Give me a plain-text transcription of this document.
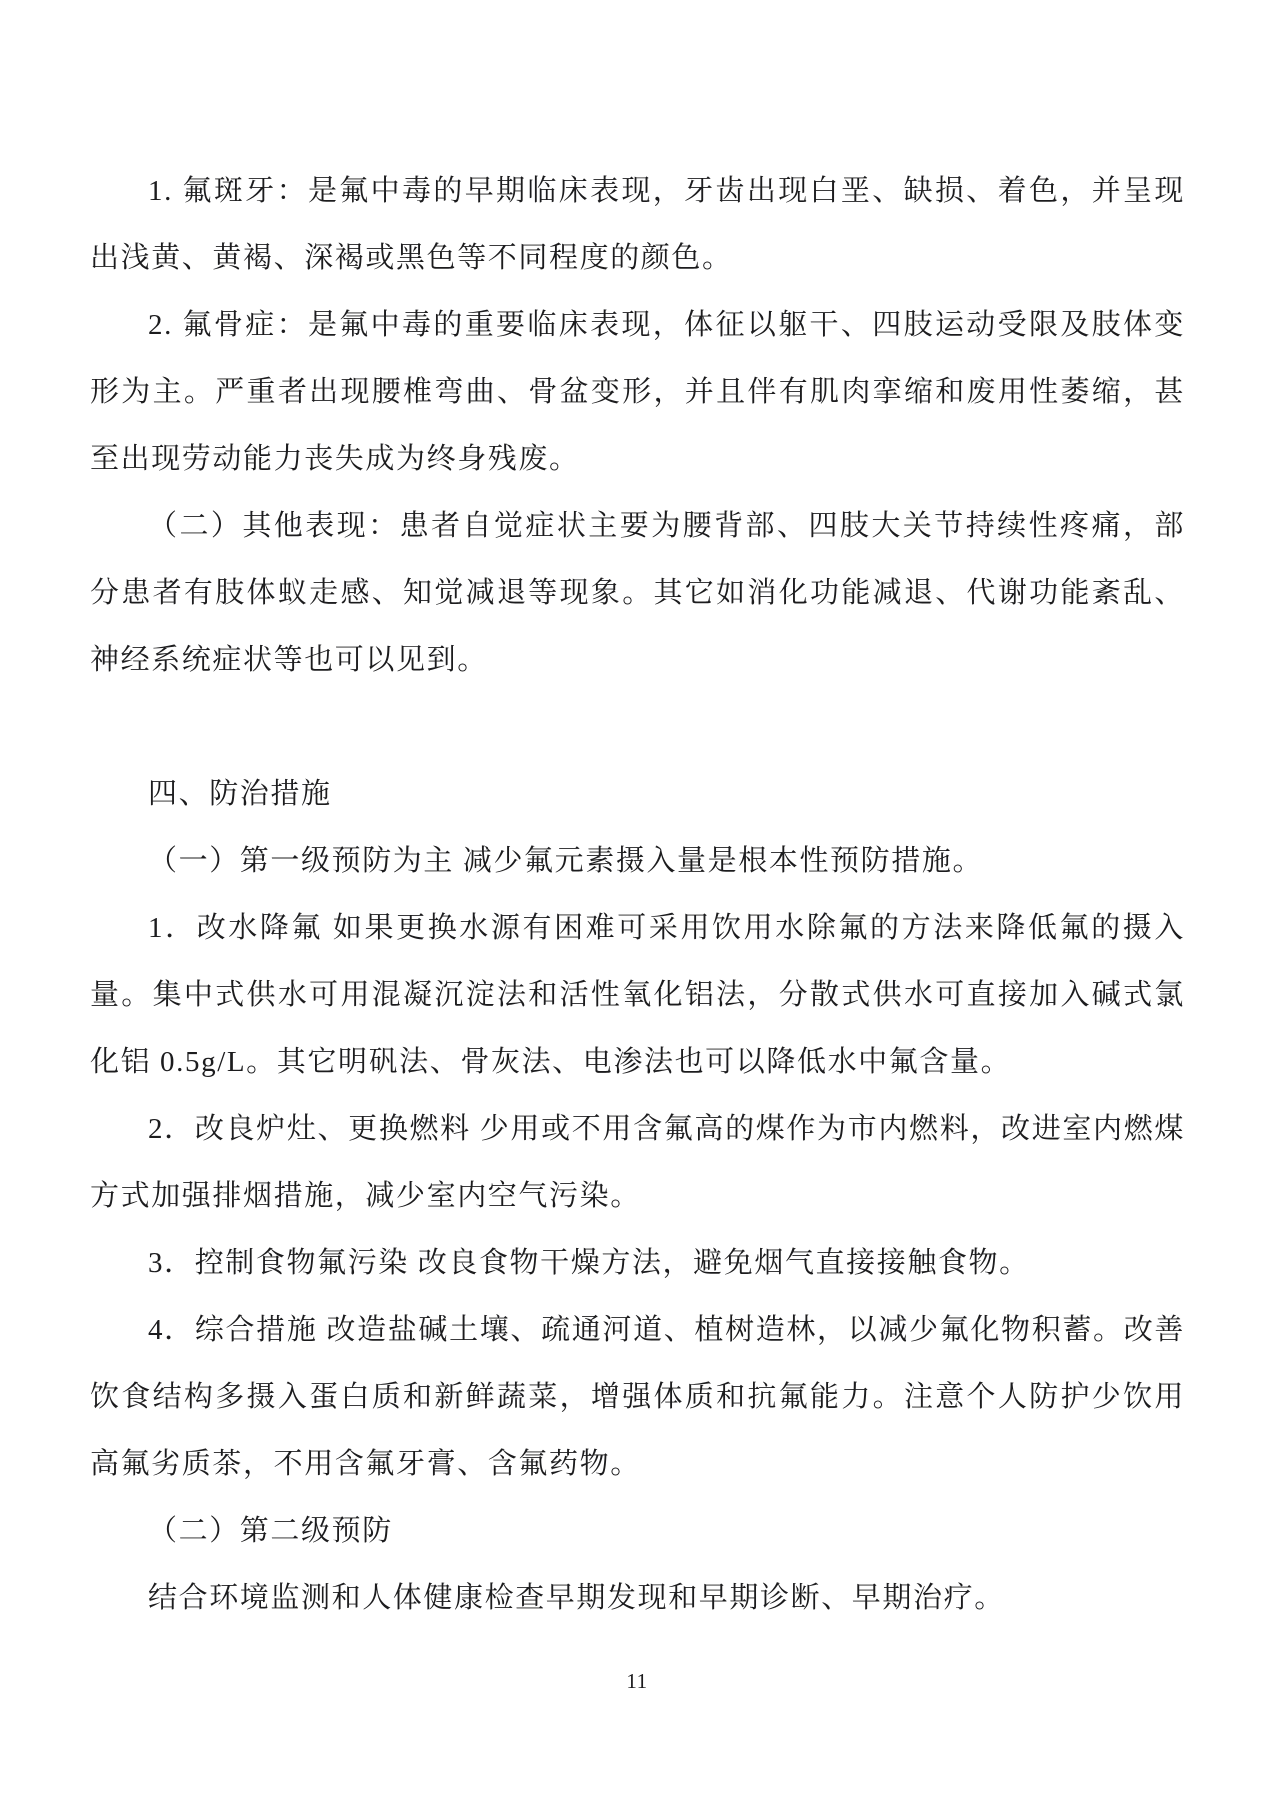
1. 氟斑牙：是氟中毒的早期临床表现，牙齿出现白垩、缺损、着色，并呈现出浅黄、黄褐、深褐或黑色等不同程度的颜色。

2. 氟骨症：是氟中毒的重要临床表现，体征以躯干、四肢运动受限及肢体变形为主。严重者出现腰椎弯曲、骨盆变形，并且伴有肌肉挛缩和废用性萎缩，甚至出现劳动能力丧失成为终身残废。

（二）其他表现：患者自觉症状主要为腰背部、四肢大关节持续性疼痛，部分患者有肢体蚁走感、知觉减退等现象。其它如消化功能减退、代谢功能紊乱、神经系统症状等也可以见到。

四、防治措施

（一）第一级预防为主 减少氟元素摄入量是根本性预防措施。

1．改水降氟 如果更换水源有困难可采用饮用水除氟的方法来降低氟的摄入量。集中式供水可用混凝沉淀法和活性氧化铝法，分散式供水可直接加入碱式氯化铝 0.5g/L。其它明矾法、骨灰法、电渗法也可以降低水中氟含量。

2．改良炉灶、更换燃料 少用或不用含氟高的煤作为市内燃料，改进室内燃煤方式加强排烟措施，减少室内空气污染。

3．控制食物氟污染 改良食物干燥方法，避免烟气直接接触食物。

4．综合措施 改造盐碱土壤、疏通河道、植树造林，以减少氟化物积蓄。改善饮食结构多摄入蛋白质和新鲜蔬菜，增强体质和抗氟能力。注意个人防护少饮用高氟劣质茶，不用含氟牙膏、含氟药物。

（二）第二级预防

结合环境监测和人体健康检查早期发现和早期诊断、早期治疗。

11
